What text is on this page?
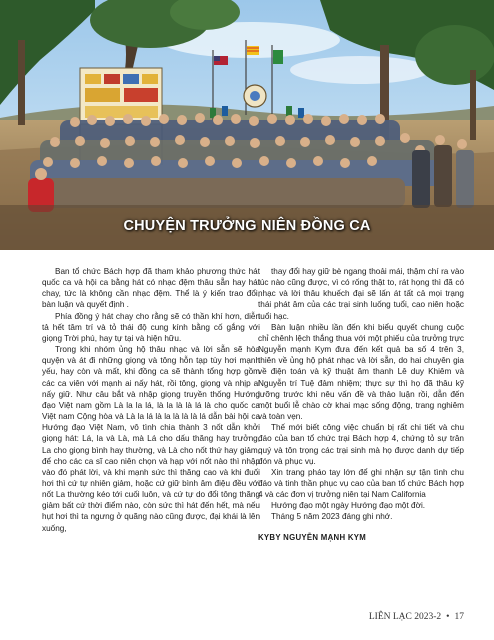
CHUYỆN TRƯỞNG NIÊN ĐỒNG CA

Ban tổ chức Bách hợp đã tham khảo phương thức hát quốc ca và hội ca bằng hát có nhạc đệm thâu sẵn hay hát chay, tức là không cần nhạc đệm. Thể là ý kiến trao đổi, bàn luận và quyết định .

Phía đồng ý hát chay cho rằng sẽ có thần khí hơn, diễn tả hết tâm trí và tỏ thái độ cung kính bằng cố gắng với giọng Trời phú, hay tự tại và hiện hữu.

Trong khi nhóm ủng hộ thâu nhạc và lời sẵn sẽ hòa quyện và át đi những giọng và tông hỗn tạp tùy hơi mạnh yếu, hay còn và mất, khi đồng ca sẽ thành tổng hợp gồm các ca viên với mạnh ai nấy hát, rồi tông, giọng và nhịp ai nấy giữ. Như câu bắt và nhập giọng truyền thống Hướng đạo Việt nam gồm Là la la lá, là la là là lá là cho quốc ca Việt nam Cộng hòa và Là la lá là la là là là lá dẫn bài hội ca Hướng đạo Việt Nam, vô tình chia thành 3 nốt dẫn khởi giọng hát: Lá, la và Là, mà Lá cho dấu thăng hay trưởng, La cho giọng bình hay thường, và Là cho nốt thứ hay giảm, để cho các ca sĩ cao niên chọn và hạp với nốt nào thì nhập vào đó phát lời, và khi mạnh sức thì thăng cao và khi đuối hơi thì cứ tự nhiên giảm, hoặc cứ giữ bình âm điệu đều với nốt La thường kéo tới cuối luôn, và cứ tự do đổi tông thăng giảm bất cứ thời điểm nào, còn sức thì hát đến hết, mà nếu hụt hơi thì ta ngưng ở quãng nào cũng được, đại khái là lên xuống,

thay đổi hay giữ bè ngang thoải mái, thậm chí ra vào lúc nào cũng được, vì có rống thật to, rát họng thì đã có nhạc và lời thâu khuếch đại sẽ lấn át tất cả mọi trạng thái phát âm của các trại sinh luống tuổi, cao niên hoặc tuổi hạc.

Bàn luận nhiều lần đến khi biểu quyết chung cuộc chỉ chênh lệch thắng thua với một phiếu của trưởng trực Nguyễn mạnh Kym đưa đến kết quả ba số 4 trên 3, thiên về ủng hộ phát nhạc và lời sẵn, do hai chuyên gia về điện toán và kỹ thuật âm thanh Lê duy Khiêm và Nguyễn trí Tuệ đảm nhiệm; thực sự thì họ đã thâu kỹ lưỡng trước khi nêu vấn đề và thảo luận rồi, dẫn đến một buổi lễ chào cờ khai mạc sống động, trang nghiêm và toàn vẹn.

Thế mới biết công việc chuẩn bị rất chi tiết và chu đáo của ban tổ chức trại Bách hợp 4, chứng tỏ sự trân quý và tôn trọng các trại sinh mà họ được danh dự tiếp đón và phục vụ.

Xin trang pháo tay lớn để ghi nhận sự tận tình chu đáo và tinh thần phục vụ cao của ban tổ chức Bách hợp 4 và các đơn vị trưởng niên tại Nam California

Hướng đạo một ngày Hướng đạo một đời.

Tháng 5 năm 2023 đáng ghi nhớ.

KYBY NGUYỄN MẠNH KYM

LIÊN LẠC 2023-2 • 17
